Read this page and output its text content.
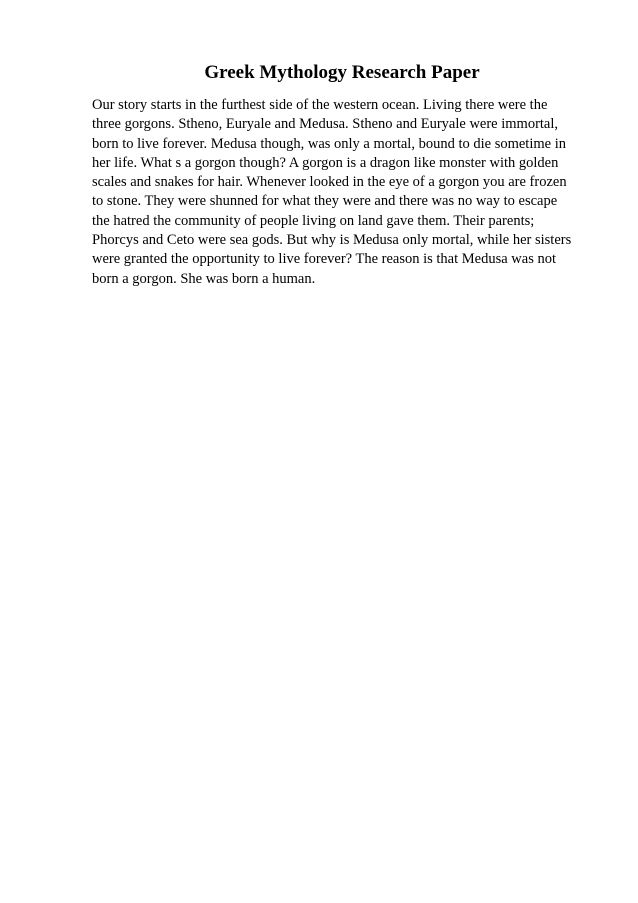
Greek Mythology Research Paper
Our story starts in the furthest side of the western ocean. Living there were the
three gorgons. Stheno, Euryale and Medusa. Stheno and Euryale were immortal,
born to live forever. Medusa though, was only a mortal, bound to die sometime in
her life. What s a gorgon though? A gorgon is a dragon like monster with golden
scales and snakes for hair. Whenever looked in the eye of a gorgon you are frozen
to stone. They were shunned for what they were and there was no way to escape
the hatred the community of people living on land gave them. Their parents;
Phorcys and Ceto were sea gods. But why is Medusa only mortal, while her sisters
were granted the opportunity to live forever? The reason is that Medusa was not
born a gorgon. She was born a human.
